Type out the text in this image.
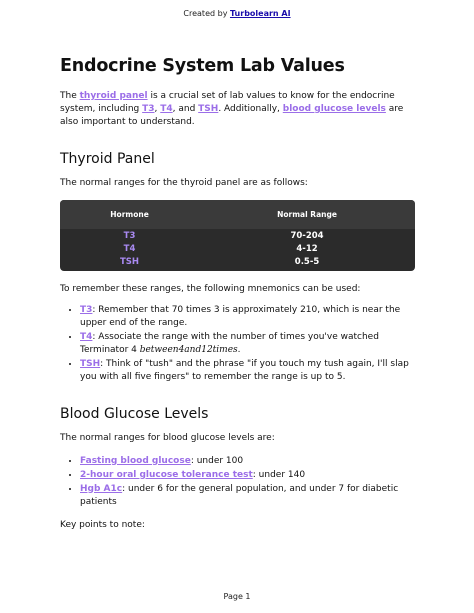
Created by Turbolearn AI
Endocrine System Lab Values

The thyroid panel is a crucial set of lab values to know for the endocrine system, including T3, T4, and TSH. Additionally, blood glucose levels are also important to understand.

Thyroid Panel

The normal ranges for the thyroid panel are as follows:

Hormone	Normal Range
T3	70-204
T4	4-12
TSH	0.5-5

To remember these ranges, the following mnemonics can be used:

• T3: Remember that 70 times 3 is approximately 210, which is near the upper end of the range.
• T4: Associate the range with the number of times you've watched Terminator 4 between4and12times.
• TSH: Think of "tush" and the phrase "if you touch my tush again, I'll slap you with all five fingers" to remember the range is up to 5.
Blood Glucose Levels

The normal ranges for blood glucose levels are:

• Fasting blood glucose: under 100
• 2-hour oral glucose tolerance test: under 140
• Hgb A1c: under 6 for the general population, and under 7 for diabetic patients

Key points to note:

Page 1
